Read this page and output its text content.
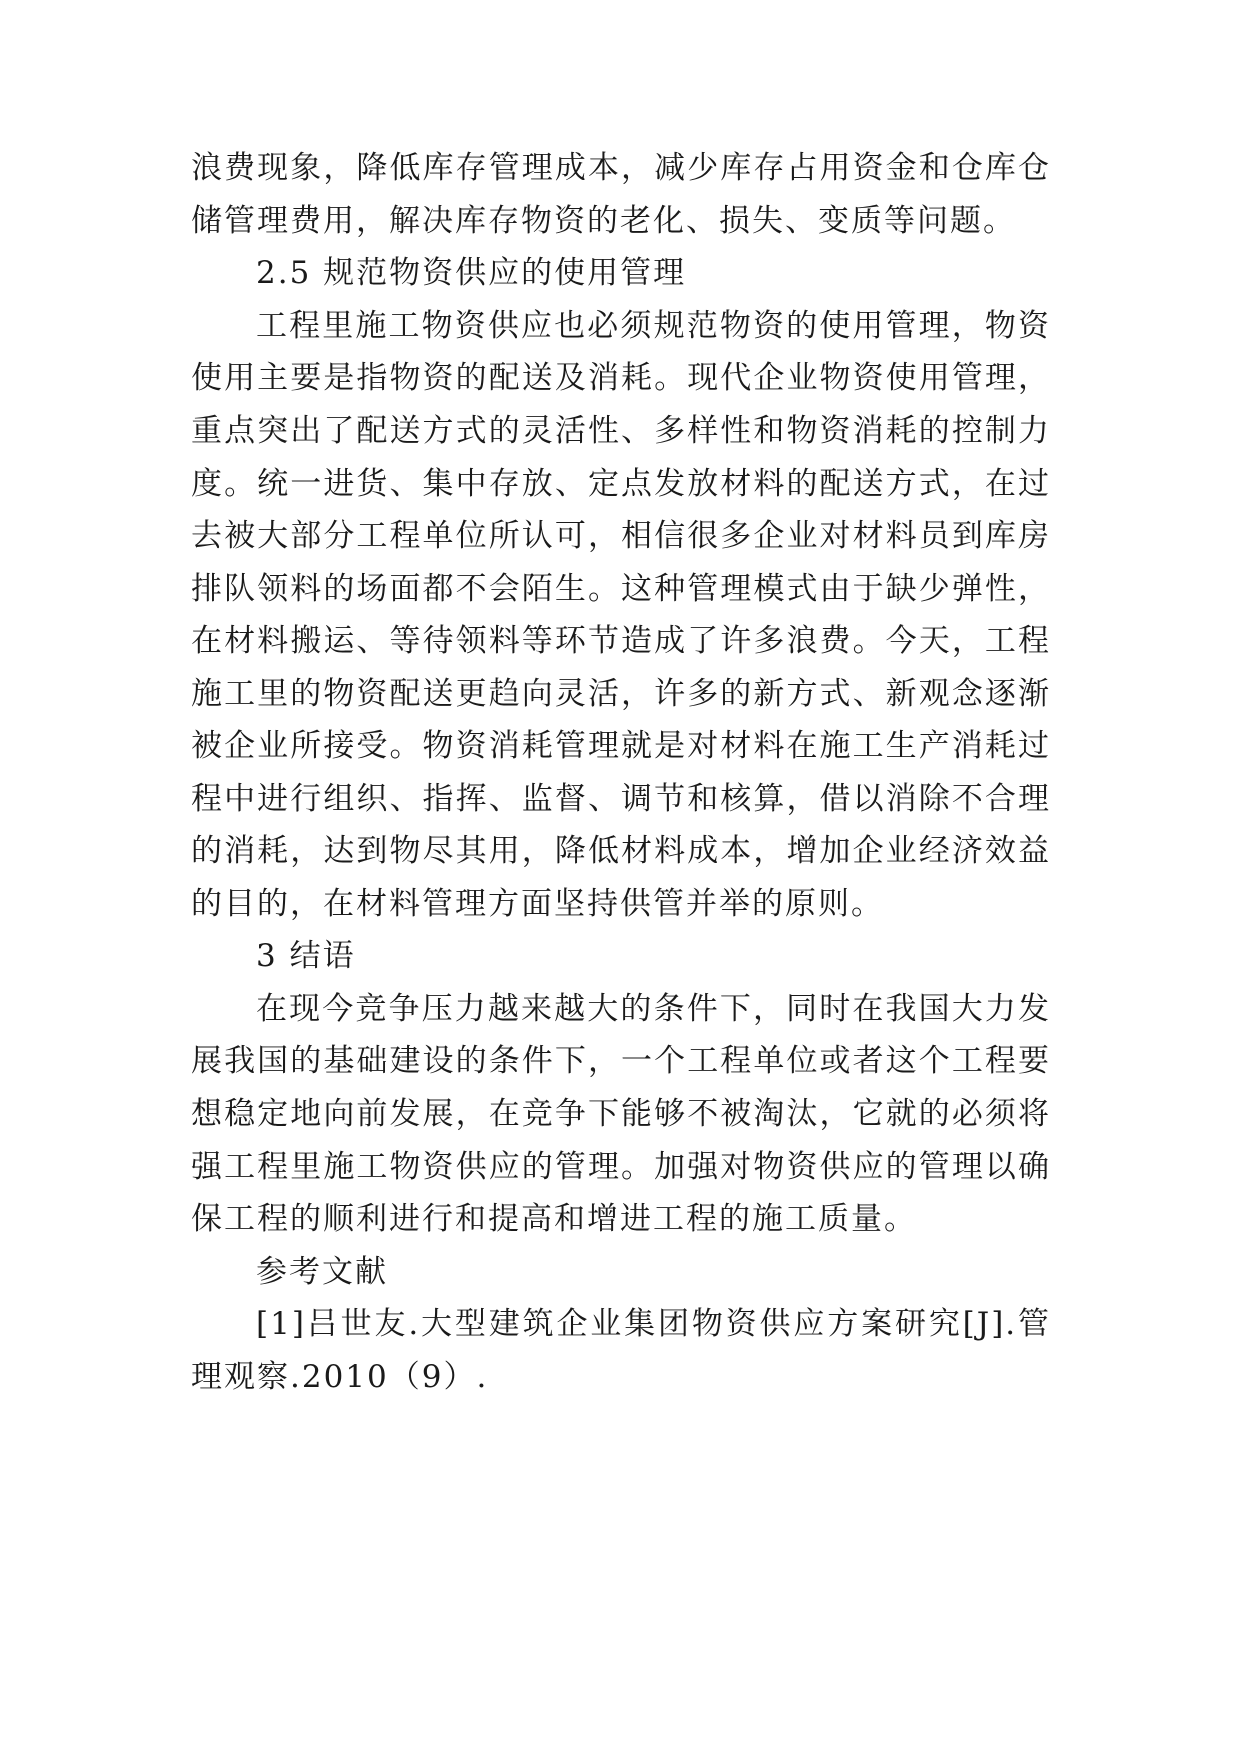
浪费现象，降低库存管理成本，减少库存占用资金和仓库仓
储管理费用，解决库存物资的老化、损失、变质等问题。
2.5 规范物资供应的使用管理
工程里施工物资供应也必须规范物资的使用管理，物资
使用主要是指物资的配送及消耗。现代企业物资使用管理，
重点突出了配送方式的灵活性、多样性和物资消耗的控制力
度。统一进货、集中存放、定点发放材料的配送方式，在过
去被大部分工程单位所认可，相信很多企业对材料员到库房
排队领料的场面都不会陌生。这种管理模式由于缺少弹性，
在材料搬运、等待领料等环节造成了许多浪费。今天，工程
施工里的物资配送更趋向灵活，许多的新方式、新观念逐渐
被企业所接受。物资消耗管理就是对材料在施工生产消耗过
程中进行组织、指挥、监督、调节和核算，借以消除不合理
的消耗，达到物尽其用，降低材料成本，增加企业经济效益
的目的，在材料管理方面坚持供管并举的原则。
3 结语
在现今竞争压力越来越大的条件下，同时在我国大力发
展我国的基础建设的条件下，一个工程单位或者这个工程要
想稳定地向前发展，在竞争下能够不被淘汰，它就的必须将
强工程里施工物资供应的管理。加强对物资供应的管理以确
保工程的顺利进行和提高和增进工程的施工质量。
参考文献
[1]吕世友.大型建筑企业集团物资供应方案研究[J].管
理观察.2010（9）.
